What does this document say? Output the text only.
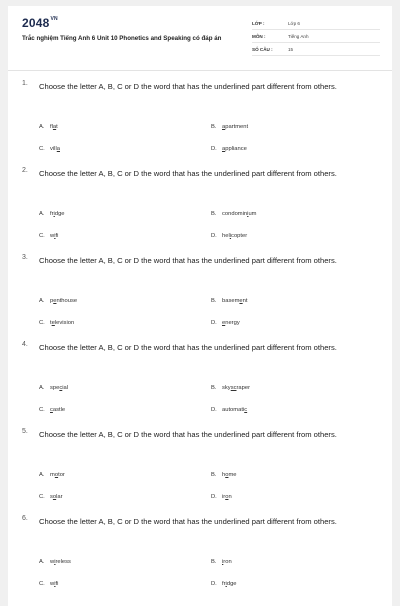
$2048^{VN}$
Trắc nghiệm Tiếng Anh 6 Unit 10 Phonetics and Speaking có đáp án
LỚP :	Lớp 6
MÔN :	Tiếng Anh
SỐ CÂU :	15
1. Choose the letter A, B, C or D the word that has the underlined part different from others.
A. flat	B. apartment
C. villa	D. appliance
2. Choose the letter A, B, C or D the word that has the underlined part different from others.
A. fridge	B. condominium
C. wifi	D. helicopter
3. Choose the letter A, B, C or D the word that has the underlined part different from others.
A. penthouse	B. basement
C. television	D. energy
4. Choose the letter A, B, C or D the word that has the underlined part different from others.
A. special	B. skyscraper
C. castle	D. automatic
5. Choose the letter A, B, C or D the word that has the underlined part different from others.
A. motor	B. home
C. solar	D. iron
6. Choose the letter A, B, C or D the word that has the underlined part different from others.
A. wireless	B. iron
C. wifi	D. fridge
